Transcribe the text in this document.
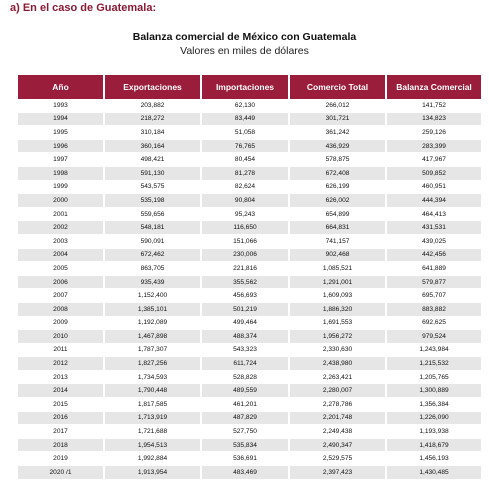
a) En el caso de Guatemala:
Balanza comercial de México con Guatemala
Valores en miles de dólares
Año	Exportaciones	Importaciones	Comercio Total	Balanza Comercial
1993	203,882	62,130	266,012	141,752
1994	218,272	83,449	301,721	134,823
1995	310,184	51,058	361,242	259,126
1996	360,164	76,765	436,929	283,399
1997	498,421	80,454	578,875	417,967
1998	591,130	81,278	672,408	509,852
1999	543,575	82,624	626,199	460,951
2000	535,198	90,804	626,002	444,394
2001	559,656	95,243	654,899	464,413
2002	548,181	116,650	664,831	431,531
2003	590,091	151,066	741,157	439,025
2004	672,462	230,006	902,468	442,456
2005	863,705	221,816	1,085,521	641,889
2006	935,439	355,562	1,291,001	579,877
2007	1,152,400	456,693	1,609,093	695,707
2008	1,385,101	501,219	1,886,320	883,882
2009	1,192,089	499,464	1,691,553	692,625
2010	1,467,898	488,374	1,956,272	979,524
2011	1,787,307	543,323	2,330,630	1,243,984
2012	1,827,256	611,724	2,438,980	1,215,532
2013	1,734,593	528,828	2,263,421	1,205,765
2014	1,790,448	489,559	2,280,007	1,300,889
2015	1,817,585	461,201	2,278,786	1,356,384
2016	1,713,919	487,829	2,201,748	1,226,090
2017	1,721,688	527,750	2,249,438	1,193,938
2018	1,954,513	535,834	2,490,347	1,418,679
2019	1,992,884	536,691	2,529,575	1,456,193
2020 /1	1,913,954	483,469	2,397,423	1,430,485
